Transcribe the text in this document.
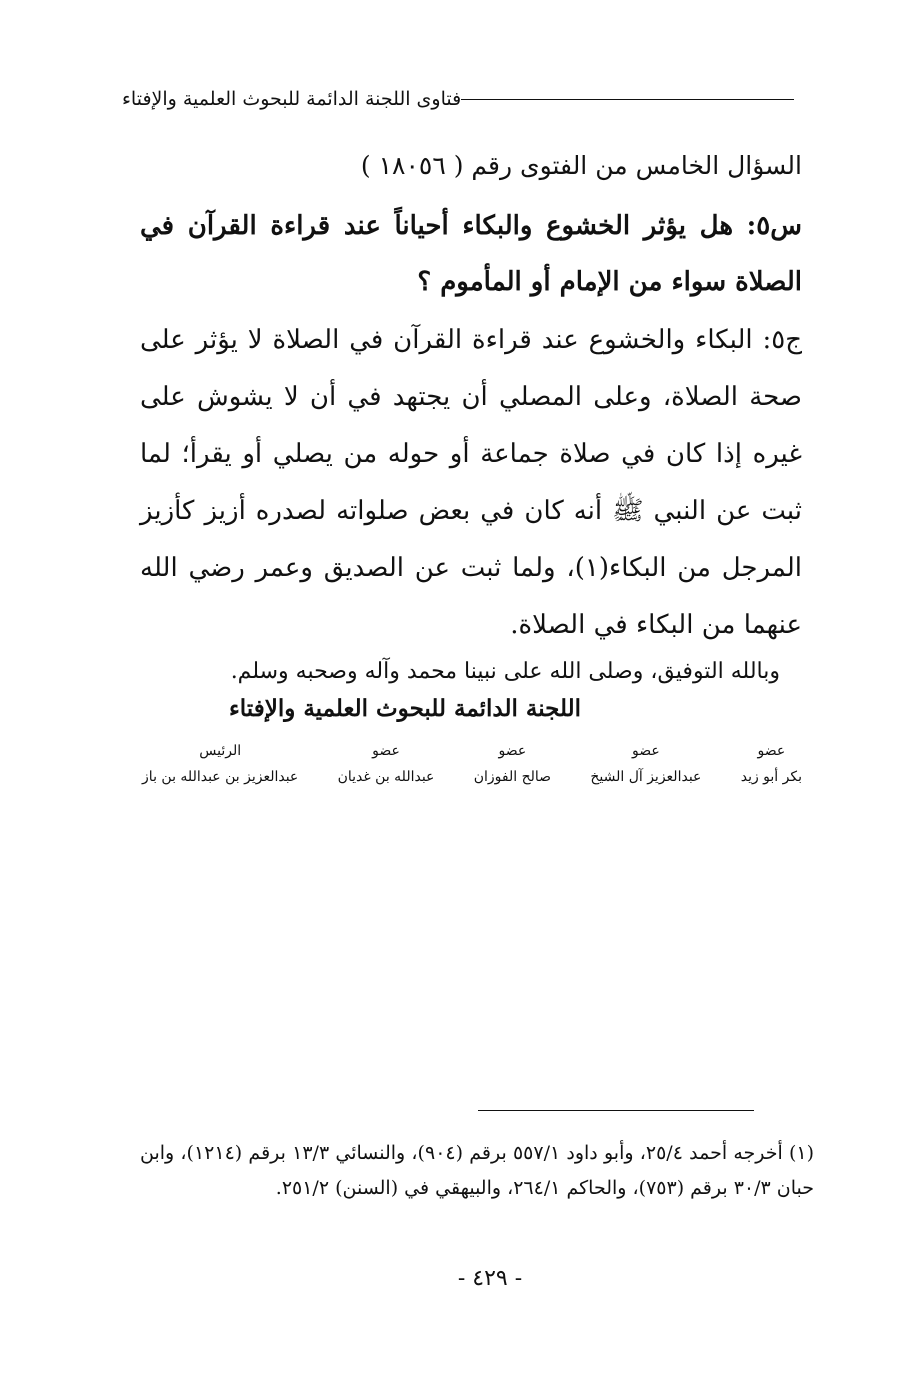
فتاوى اللجنة الدائمة للبحوث العلمية والإفتاء
السؤال الخامس من الفتوى رقم ( ١٨٠٥٦ )
س٥: هل يؤثر الخشوع والبكاء أحياناً عند قراءة القرآن في الصلاة سواء من الإمام أو المأموم ؟
ج٥: البكاء والخشوع عند قراءة القرآن في الصلاة لا يؤثر على صحة الصلاة، وعلى المصلي أن يجتهد في أن لا يشوش على غيره إذا كان في صلاة جماعة أو حوله من يصلي أو يقرأ؛ لما ثبت عن النبي ﷺ أنه كان في بعض صلواته لصدره أزيز كأزيز المرجل من البكاء(١)، ولما ثبت عن الصديق وعمر رضي الله عنهما من البكاء في الصلاة.
وبالله التوفيق، وصلى الله على نبينا محمد وآله وصحبه وسلم.
اللجنة الدائمة للبحوث العلمية والإفتاء
عضو
بكر أبو زيد
عضو
عبدالعزيز آل الشيخ
عضو
صالح الفوزان
عضو
عبدالله بن غديان
الرئيس
عبدالعزيز بن عبدالله بن باز
(١) أخرجه أحمد ٢٥/٤، وأبو داود ٥٥٧/١ برقم (٩٠٤)، والنسائي ١٣/٣ برقم (١٢١٤)، وابن حبان ٣٠/٣ برقم (٧٥٣)، والحاكم ٢٦٤/١، والبيهقي في (السنن) ٢٥١/٢.
- ٤٢٩ -
